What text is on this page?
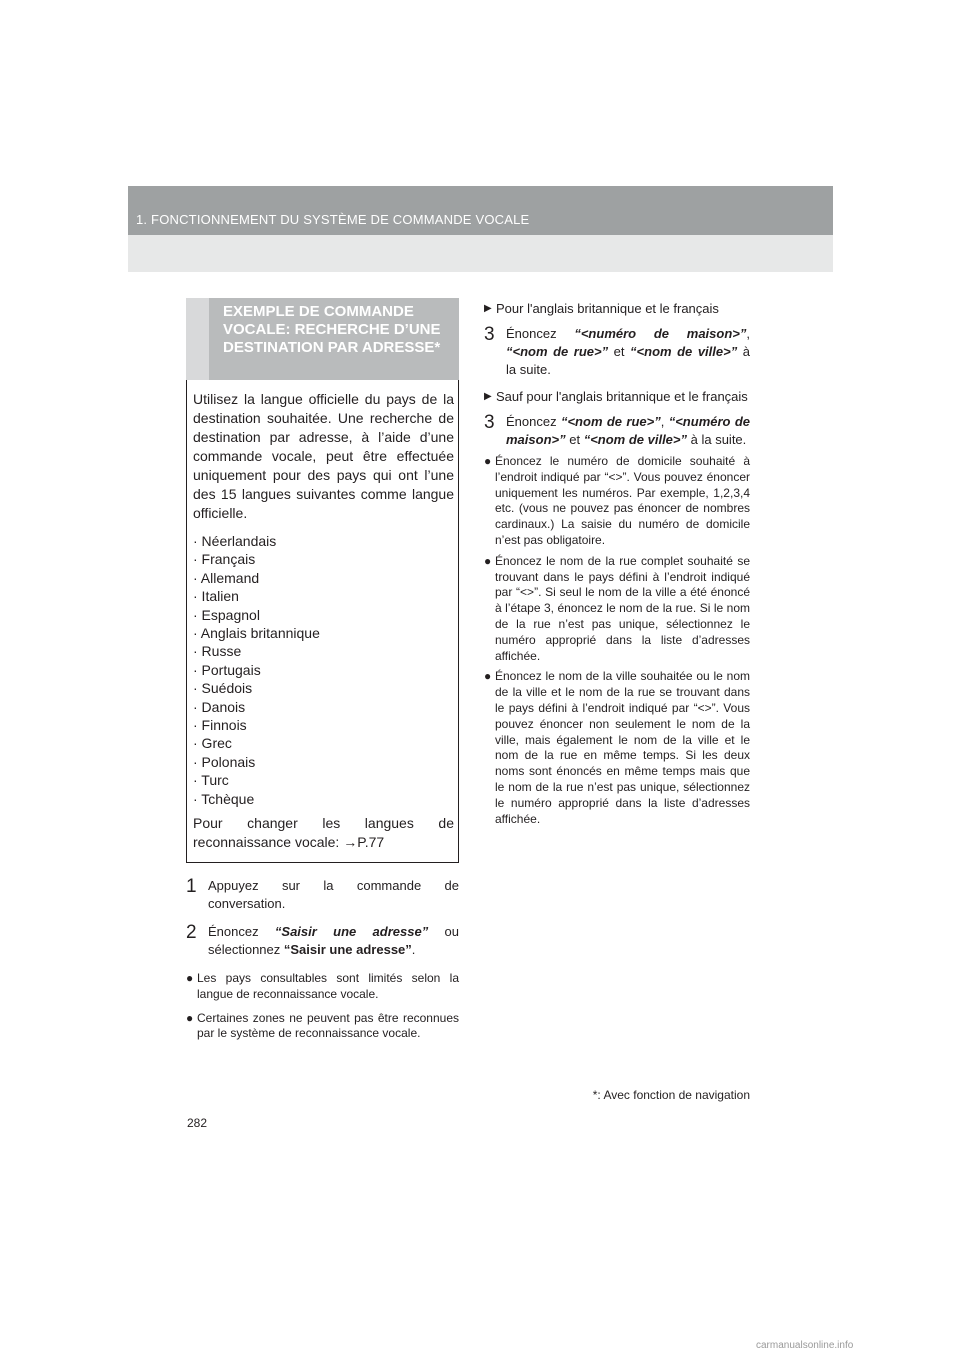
1. FONCTIONNEMENT DU SYSTÈME DE COMMANDE VOCALE
EXEMPLE DE COMMANDE VOCALE: RECHERCHE D’UNE DESTINATION PAR ADRESSE*

Utilisez la langue officielle du pays de la destination souhaitée. Une recherche de destination par adresse, à l’aide d’une commande vocale, peut être effectuée uniquement pour des pays qui ont l’une des 15 langues suivantes comme langue officielle.

· Néerlandais
· Français
· Allemand
· Italien
· Espagnol
· Anglais britannique
· Russe
· Portugais
· Suédois
· Danois
· Finnois
· Grec
· Polonais
· Turc
· Tchèque

Pour changer les langues de reconnaissance vocale: →P.77

1 Appuyez sur la commande de conversation.
2 Énoncez “Saisir une adresse” ou sélectionnez “Saisir une adresse”.
● Les pays consultables sont limités selon la langue de reconnaissance vocale.
● Certaines zones ne peuvent pas être reconnues par le système de reconnaissance vocale.
▶ Pour l'anglais britannique et le français
3 Énoncez “<numéro de maison>”, “<nom de rue>” et “<nom de ville>” à la suite.
▶ Sauf pour l'anglais britannique et le français
3 Énoncez “<nom de rue>”, “<numéro de maison>” et “<nom de ville>” à la suite.
● Énoncez le numéro de domicile souhaité à l’endroit indiqué par “<>”. Vous pouvez énoncer uniquement les numéros. Par exemple, 1,2,3,4 etc. (vous ne pouvez pas énoncer de nombres cardinaux.) La saisie du numéro de domicile n’est pas obligatoire.
● Énoncez le nom de la rue complet souhaité se trouvant dans le pays défini à l’endroit indiqué par “<>”. Si seul le nom de la ville a été énoncé à l’étape 3, énoncez le nom de la rue. Si le nom de la rue n’est pas unique, sélectionnez le numéro approprié dans la liste d’adresses affichée.
● Énoncez le nom de la ville souhaitée ou le nom de la ville et le nom de la rue se trouvant dans le pays défini à l’endroit indiqué par “<>”. Vous pouvez énoncer non seulement le nom de la ville, mais également le nom de la ville et le nom de la rue en même temps. Si les deux noms sont énoncés en même temps mais que le nom de la rue n’est pas unique, sélectionnez le numéro approprié dans la liste d’adresses affichée.
*: Avec fonction de navigation
282
carmanualsonline.info
